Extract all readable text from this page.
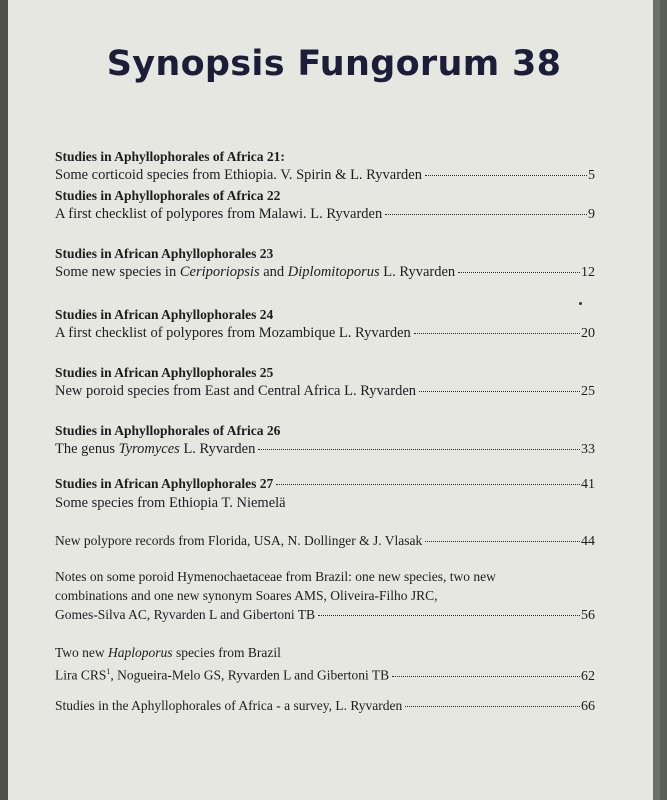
Synopsis Fungorum 38
Studies in Aphyllophorales of Africa 21:
Some corticoid species from Ethiopia. V. Spirin & L. Ryvarden	5
Studies in Aphyllophorales of Africa 22
A first checklist of polypores from Malawi. L. Ryvarden	9
Studies in African Aphyllophorales 23
Some new species in Ceriporiopsis and Diplomitoporus L. Ryvarden	12
Studies in African Aphyllophorales 24
A first checklist of polypores from Mozambique L. Ryvarden	20
Studies in African Aphyllophorales 25
New poroid species from East and Central Africa L. Ryvarden	25
Studies in Aphyllophorales of Africa 26
The genus Tyromyces L. Ryvarden	33
Studies in African Aphyllophorales 27	41
Some species from Ethiopia T. Niemelä
New polypore records from Florida, USA, N. Dollinger & J. Vlasak	44
Notes on some poroid Hymenochaetaceae from Brazil: one new species, two new
combinations and one new synonym Soares AMS, Oliveira-Filho JRC,
Gomes-Silva AC, Ryvarden L and Gibertoni TB	56
Two new Haploporus species from Brazil
Lira CRS$^1$, Nogueira-Melo GS, Ryvarden L and Gibertoni TB	62
Studies in the Aphyllophorales of Africa - a survey, L. Ryvarden	66
